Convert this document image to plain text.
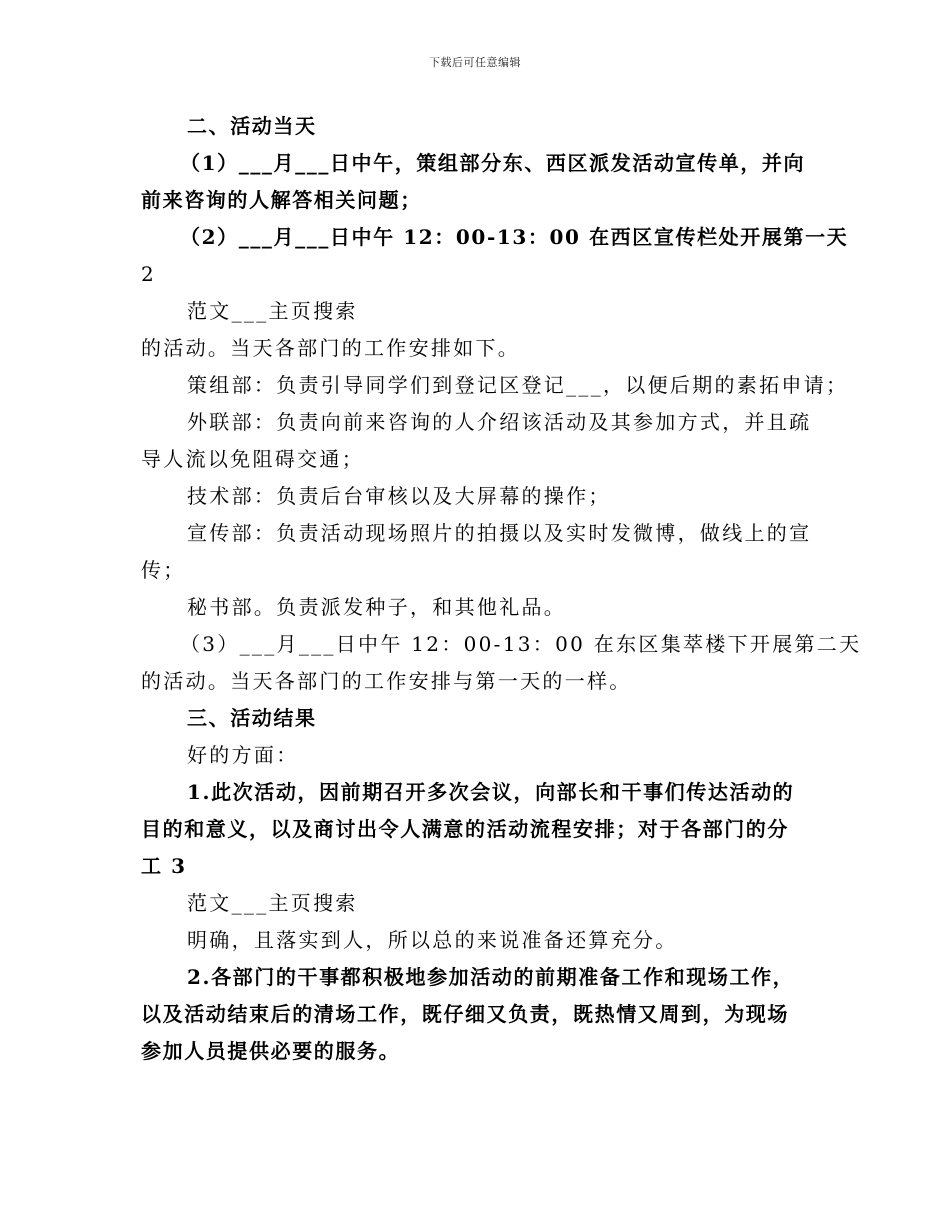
下载后可任意编辑
二、活动当天
（1）___月___日中午，策组部分东、西区派发活动宣传单，并向
前来咨询的人解答相关问题；
（2）___月___日中午 12：00-13：00 在西区宣传栏处开展第一天
2
范文___主页搜索
的活动。当天各部门的工作安排如下。
策组部：负责引导同学们到登记区登记___，以便后期的素拓申请；
外联部：负责向前来咨询的人介绍该活动及其参加方式，并且疏
导人流以免阻碍交通；
技术部：负责后台审核以及大屏幕的操作；
宣传部：负责活动现场照片的拍摄以及实时发微博，做线上的宣
传；
秘书部。负责派发种子，和其他礼品。
（3）___月___日中午 12：00-13：00 在东区集萃楼下开展第二天
的活动。当天各部门的工作安排与第一天的一样。
三、活动结果
好的方面：
1.此次活动，因前期召开多次会议，向部长和干事们传达活动的
目的和意义，以及商讨出令人满意的活动流程安排；对于各部门的分
工 3
范文___主页搜索
明确，且落实到人，所以总的来说准备还算充分。
2.各部门的干事都积极地参加活动的前期准备工作和现场工作，
以及活动结束后的清场工作，既仔细又负责，既热情又周到，为现场
参加人员提供必要的服务。
